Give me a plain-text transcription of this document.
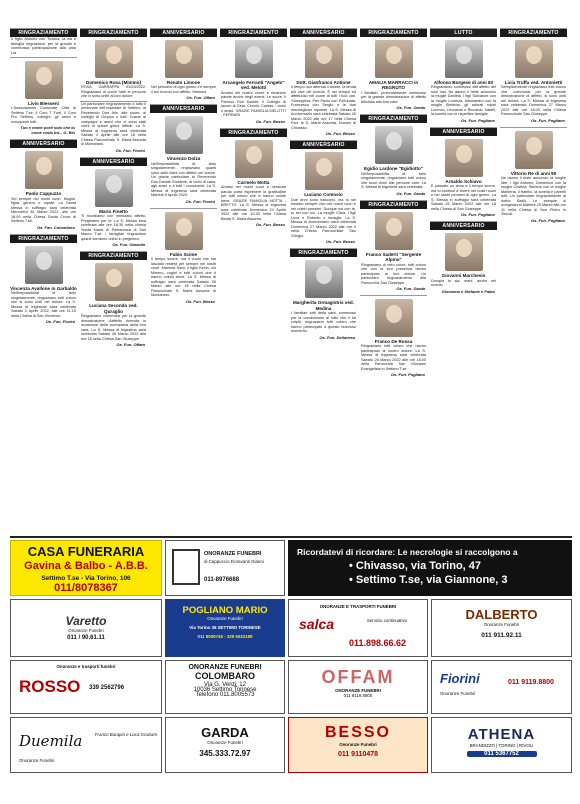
RINGRAZIAMENTO
Il figlio Antonio con Tiziana, la zia e famiglia ringraziano, per la grande e commossa partecipazione alla cara Lia
Livio Blesseni
L'Associazione Comunale Città di Settimo T.se, il Coro T Forti, il Coro Pro Settimo, colleghi, gli amici e conoscenti tutti
Tuo e nome porti solo che tu come rosta tra... G. Bel
ANNIVERSARIO
Paolo Cappuzzo
Sei sempre nei nostri cuori. Moglie, figlia, genero e nipote. La Santa Messa in suffragio sarà celebrata Mercoledì 30 Marzo 2022, alle ore 18.00 nella Chiesa Santa Croce di Settimo T.se.
Os. Fan. Colombero
RINGRAZIAMENTO
Vincenza Avallone in Garbaldo
Nell'impossibilità di farlo singolarmente, ringraziano tutti coloro che si sono uniti nel dolore. La S. Messa di trigesima sarà celebrata Sabato 2 Aprile 2022, alle ore 11.15 nella Chiesa di San Vincenzo.
Os. Fun. Fiorini
RINGRAZIAMENTO
Domenico Rosa (Mimmo)
ROSA GARRAPPA 01/03/2022. Ringraziano di cuore tutte le persone che ci sono unite al loro dolore
Un particolare ringraziamento a tutto il personale dell'ospedale di Settimo, al Reverendo Don Alin, alle suore, ai colleghi di Gruppo e tutti. Grazie ai compagni e amici che ci sono stati vicini in questi giorni difficili. La S. Messa di trigesima sarà celebrata Sabato 2 Aprile alle ore 18 nella Chiesa Parrocchiale S. Maria Assunta di Montanaro.
Os. Fun. Fiorini
ANNIVERSARIO
Mario Finetto
Ti ricordiamo con immutato affetto. Preghiamo per te. La S. Messa sarà celebrata alle ore 18.30 nella chiesa Santa Maria di Pietrarossa di San Mauro T.se. I famigliari ringraziano quanti vorranno unirsi in preghiera.
Os. Fun. Oasmila
RINGRAZIAMENTO
Luciana Secondo ved. Quraglio
Ringraziano commossi per la grande dimostrazione d'affetto ricevuta in occasione della scomparsa della loro cara. La S. Messa di trigesima sarà celebrata Sabato 26 Marzo 2022 alle ore 18 nella Chiesa San Giuseppe.
Os. Fun. Offam
ANNIVERSARIO
Renato Limone
Nel pensiero di ogni giorno c'è sempre il tuo ricordo con affetto. Mamma
Os. Fun. Offam
ANNIVERSARIO
Vincenzo Dolza
Nell'impossibilità di farlo singolarmente, ringraziano quanti sono stati vicini con affetto nel dolore. Un grazie particolare al Reverendo Don Davide Smiderle, ai vicini di casa, agli amici e a tutti i conoscenti. La S. Messa di trigesima sarà celebrata Martedì 5 Aprile 2022.
Os. Fun. Fiorini
Fabio Scime
Il tempo scorre, ma il vuoto che hai lasciato resterà per sempre nei nostri cuori. Mamma Sara, il figlio Kevin, zio Mimmo, cugini e tutti coloro che ti hanno voluto bene. La S. Messa di suffragio sarà celebrata Sabato 26 Marzo alle ore 18 nella Chiesa Parrocchiale S. Maria Assunta di Montanaro.
Os. Fun. Besso
RINGRAZIAMENTO
Arcangelo Ferranti "Angelo" ved. Melotti
Amarsi nel nostro cuore e rimanere parete anche negli eventi. Le suore, il Parroco Don Davide, il Collegio di lavoro di Gela, Circolo, Caritas, i vicini e amici. GRAZIE FAMIGLIA MELOTTI - FERRARI
Os. Fun. Besso
RINGRAZIAMENTO
Carmelo Motta
Amarsi nei nostri cuori e nessuna parola potrà esprimere la gratitudine per tutti coloro che vi hanno voluto bene. GRAZIE FAMIGLIA MOTTA - BRETTO. La S. Messa di trigesima sarà celebrata Domenica 24 Aprile 2022 alle ore 10.30 nella Chiesa Beata S. Maria Assunta.
Os. Fun. Besso
ANNIVERSARIO
Dott. Gianfranco Antione
Il tempo non attenua il dolore, la tenda più vive nel ricordo. È nel tempio ed affettuoso nel cuore di tutti i tuoi cari. Giuseppina, Pier Paolo con Fortunata, Francesca con Sergio e le due meravigliose nipotine. La S. Messa di Anniversario sarà celebrata Sabato 26 Marzo 2022 alle ore 17 nella Chiesa Parr. le S. Maria Assunta, Duomo di Chivasso.
Os. Fun. Besso
ANNIVERSARIO
Luciano Comosio
Due anni sono trascorsi, ma tu sei rimasto sempre vivo nei nostri cuori e nei nostri pensieri. Dunque noi con te, tu sei con noi. La moglie Clara, i figli Luca e Roberto e famiglie. La S. Messa di Anniversario sarà celebrata Domenica 27 Marzo 2022 alle ore 9 nella Chiesa Parrocchiale San Giorgio.
Os. Fun. Besso
RINGRAZIAMENTO
Margherita Ormagistris ved. Medina
I familiari tutti della cara, commossi per la condivisione al lutto che il ha colpiti, ringraziano tutti coloro che hanno partecipato a questo doloroso momento.
Os. Fun. Dellavesa
RINGRAZIAMENTO
AMALIA MARRACCI in REGRUTO
I familiari, profondamente commossi per la grande dimostrazione di affetto tributata alla loro cara
Os. Fun. Garda
RINGRAZIAMENTO
Egidio Lardone "Egidiotto"
Nell'impossibilità di farlo singolarmente, ringraziano tutti coloro che sono vicini alle persone care. La S. Messa di trigesima sarà celebrata.
Os. Fun. Garda
RINGRAZIAMENTO
Franco Saderti "Sergente Alpino"
Ringraziano di vero cuore, tutti coloro che con la loro presenza hanno partecipato al loro dolore. Un particolare ringraziamento alla Parrocchia San Giuseppe.
Os. Fun. Garda
Franco De Rossa
Ringraziano tutti coloro che hanno partecipato al nostro dolore. La S. Messa di trigesima sarà celebrata Sabato 26 Marzo 2022 alle ore 18.00 nella Parrocchia San Giovanni Evangelista in Settimo T.se.
Os. Fun. Pogliano
LUTTO
Alfonso Borgese di anni 83
Ringraziamo commossi dell'affetto dei suoi cari. Ne danno il triste annuncio la moglie Daniela, i figli Salvatore con la moglie Lorenza, Alessandro con la moglie Stefania, gli adorati nipoti Lorenzo, Leonardo e Riccardo, fratelli, la sorella con le rispettive famiglie.
Os. Fun. Pogliano
ANNIVERSARIO
Arnaldo Schiavo
È passato un anno e il tempo scorre, ma tu continui a vivere nei nostri cuori e nei nostri pensieri di ogni giorno. La S. Messa in suffragio sarà celebrata Sabato 26 Marzo 2022 alle ore 18 nella Chiesa di San Giuseppe.
Os. Fun. Pogliano
ANNIVERSARIO
Giovanni Marchesin
Dunque tu sia, mani, anche nel ricordo.
Giovanna e Stefanie e Fabio
RINGRAZIAMENTO
Licia Truffa ved. Antonietti
Semplicemente ringraziano tutti coloro che, commossi per la grande dimostrazione di affetto, si sono uniti nel dolore. La S. Messa di trigesima sarà celebrata Domenica 27 Marzo 2022 alle ore 18.00 nella Chiesa Parrocchiale San Giuseppe.
Os. Fun. Pogliano
Vittorio Re di anni 90
Ne danno il triste annuncio la moglie Idle, i figli Antonio, Domenico con la moglie Cristina, Stefano con la moglie Marilena, il fratello, la sorella e parenti tutti. Un particolare ringraziamento al dottor Baldi. Le esequie si svolgeranno Martedì 29 Marzo alle ore 11 nella Chiesa di San Pietro in Vincoli.
Os. Fun. Pogliano
CASA FUNERARIA
Gavina & Balbo - A.B.B.
Settimo T.se - Via Torino, 106
011/8078367
ONORANZE FUNEBRI
di Cappuccio Fioravanti Gianni
011-8976688
Ricordatevi di ricordare: Le necrologie si raccolgono a
• Chivasso, via Torino, 47
• Settimo T.se, via Giannone, 3
Varetto
Onoranze Funebri
011 / 90.61.11
POGLIANO MARIO
Onoranze Funebri
Via Torino 36 SETTIMO TORINESE
011 8009746 - 339 6532189
ONORANZE E TRASPORTI FUNEBRI
salca	Servizio continuativo
011.898.66.62
DALBERTO
Onoranze Funebri
011 911.92.11
Onoranze e trasporti funebri
ROSSO 339 2562796
ONORANZE FUNEBRI
COLOMBARO
Via G. Verdi, 12
10036 Settimo Torinese
Telefono 011.8005573
OFFAM
ONORANZE FUNEBRI
011 9119.8800
Fiorini
Onoranze Funebri
011 9119.8800
Duemila	Franco Barapin e Luca Graziam
Onoranze Funebri
GARDA
Onoranze Funebri
345.333.72.97
BESSO
Onoranze Funebri
011 9110478
ATHENA
BRANDIZZO | TORINO | RIVOLI
011 5367752
